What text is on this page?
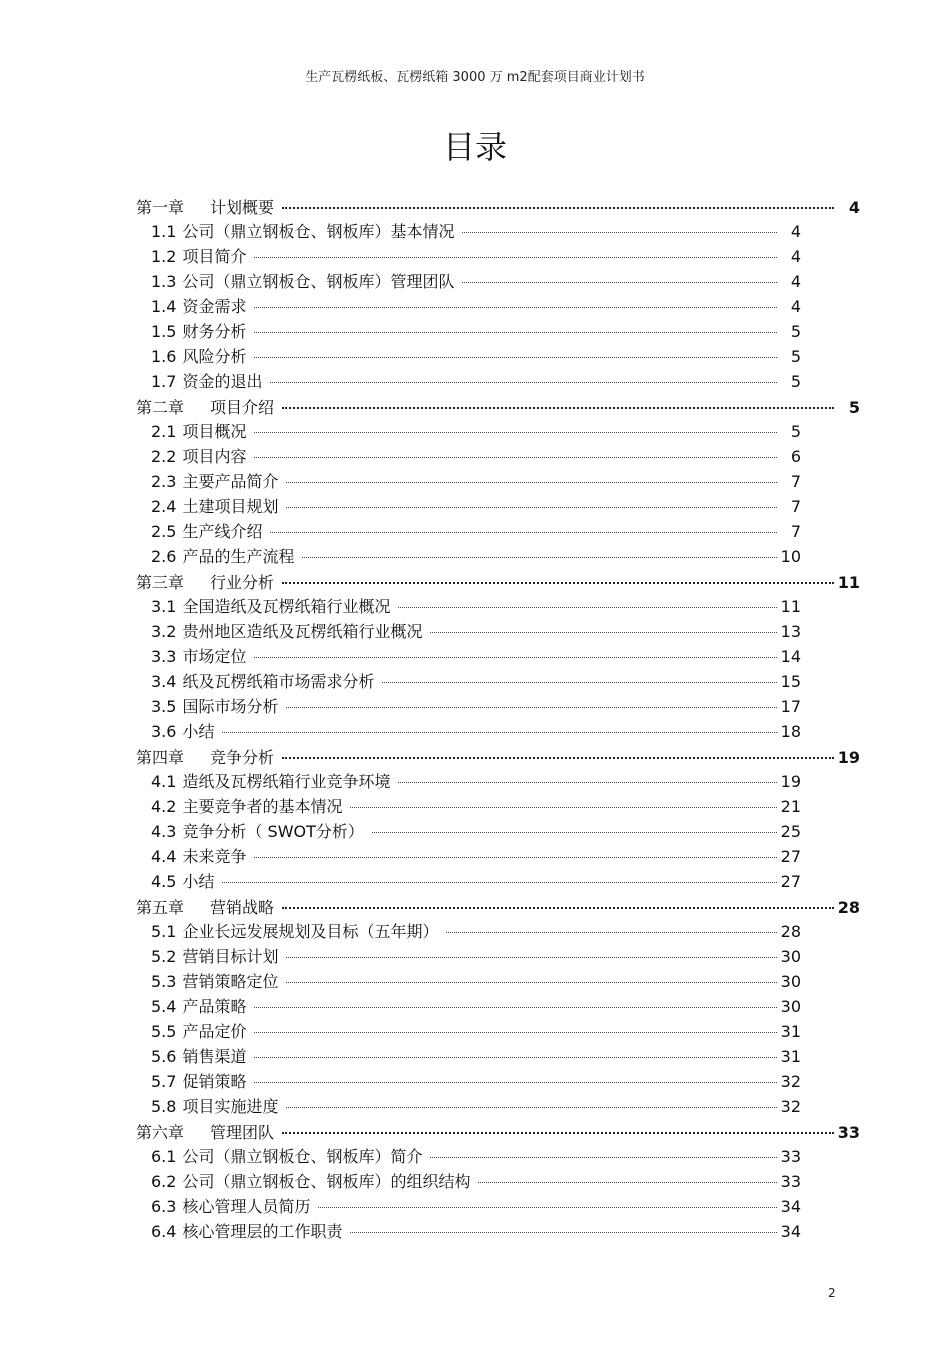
生产瓦楞纸板、瓦楞纸箱 3000 万 m2配套项目商业计划书
目录
第一章 计划概要	4
1.1 公司（鼎立钢板仓、钢板库）基本情况	4
1.2 项目简介	4
1.3 公司（鼎立钢板仓、钢板库）管理团队	4
1.4 资金需求	4
1.5 财务分析	5
1.6 风险分析	5
1.7 资金的退出	5
第二章 项目介绍	5
2.1 项目概况	5
2.2 项目内容	6
2.3 主要产品简介	7
2.4 土建项目规划	7
2.5 生产线介绍	7
2.6 产品的生产流程	10
第三章 行业分析	11
3.1 全国造纸及瓦楞纸箱行业概况	11
3.2 贵州地区造纸及瓦楞纸箱行业概况	13
3.3 市场定位	14
3.4 纸及瓦楞纸箱市场需求分析	15
3.5 国际市场分析	17
3.6 小结	18
第四章 竞争分析	19
4.1 造纸及瓦楞纸箱行业竞争环境	19
4.2 主要竞争者的基本情况	21
4.3 竞争分析（ SWOT分析）	25
4.4 未来竞争	27
4.5 小结	27
第五章 营销战略	28
5.1 企业长远发展规划及目标（五年期）	28
5.2 营销目标计划	30
5.3 营销策略定位	30
5.4 产品策略	30
5.5 产品定价	31
5.6 销售渠道	31
5.7 促销策略	32
5.8 项目实施进度	32
第六章 管理团队	33
6.1 公司（鼎立钢板仓、钢板库）简介	33
6.2 公司（鼎立钢板仓、钢板库）的组织结构	33
6.3 核心管理人员简历	34
6.4 核心管理层的工作职责	34
2
